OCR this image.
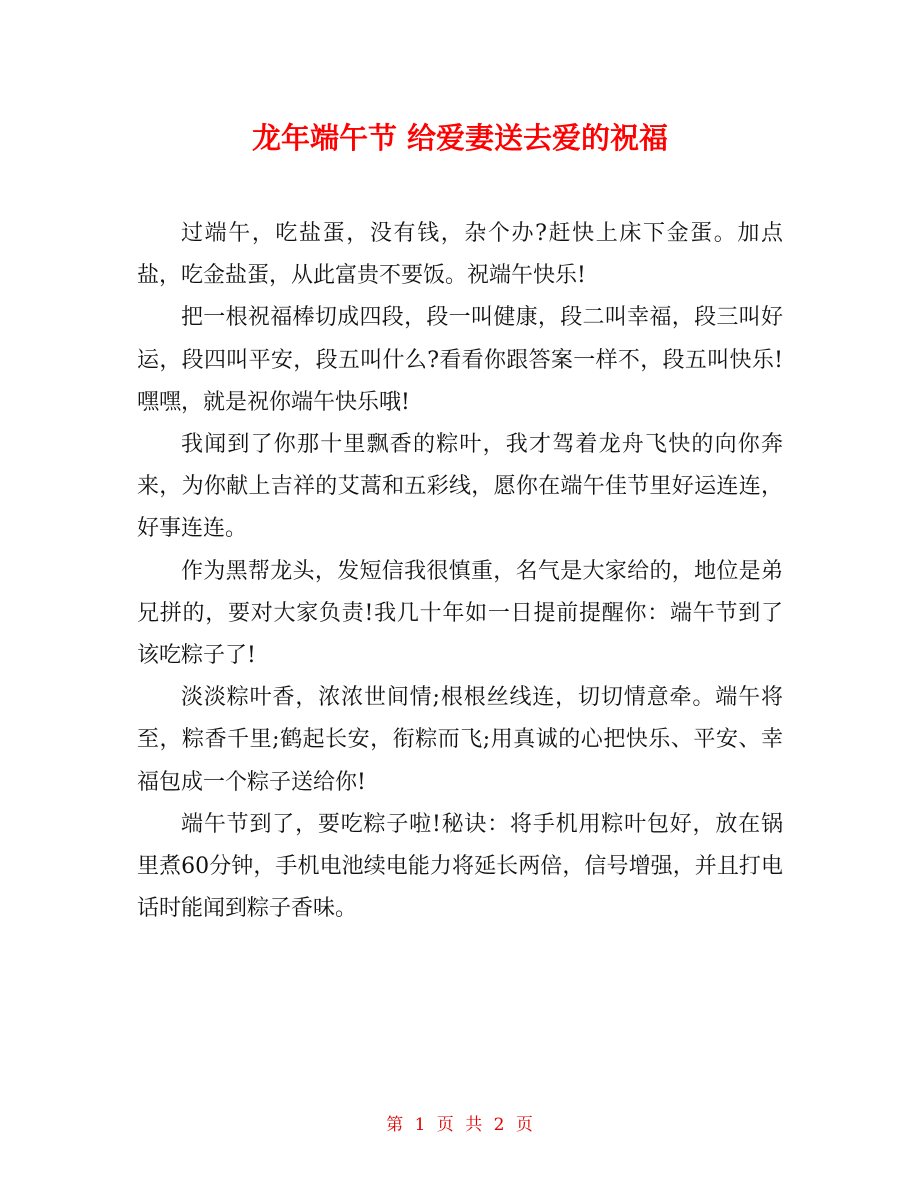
龙年端午节 给爱妻送去爱的祝福

过端午，吃盐蛋，没有钱，杂个办?赶快上床下金蛋。加点盐，吃金盐蛋，从此富贵不要饭。祝端午快乐!

把一根祝福棒切成四段，段一叫健康，段二叫幸福，段三叫好运，段四叫平安，段五叫什么?看看你跟答案一样不，段五叫快乐!嘿嘿，就是祝你端午快乐哦!

我闻到了你那十里飘香的粽叶，我才驾着龙舟飞快的向你奔来，为你献上吉祥的艾蒿和五彩线，愿你在端午佳节里好运连连，好事连连。

作为黑帮龙头，发短信我很慎重，名气是大家给的，地位是弟兄拼的，要对大家负责!我几十年如一日提前提醒你：端午节到了该吃粽子了!

淡淡粽叶香，浓浓世间情;根根丝线连，切切情意牵。端午将至，粽香千里;鹤起长安，衔粽而飞;用真诚的心把快乐、平安、幸福包成一个粽子送给你!

端午节到了，要吃粽子啦!秘诀：将手机用粽叶包好，放在锅里煮60分钟，手机电池续电能力将延长两倍，信号增强，并且打电话时能闻到粽子香味。

第 1 页 共 2 页
